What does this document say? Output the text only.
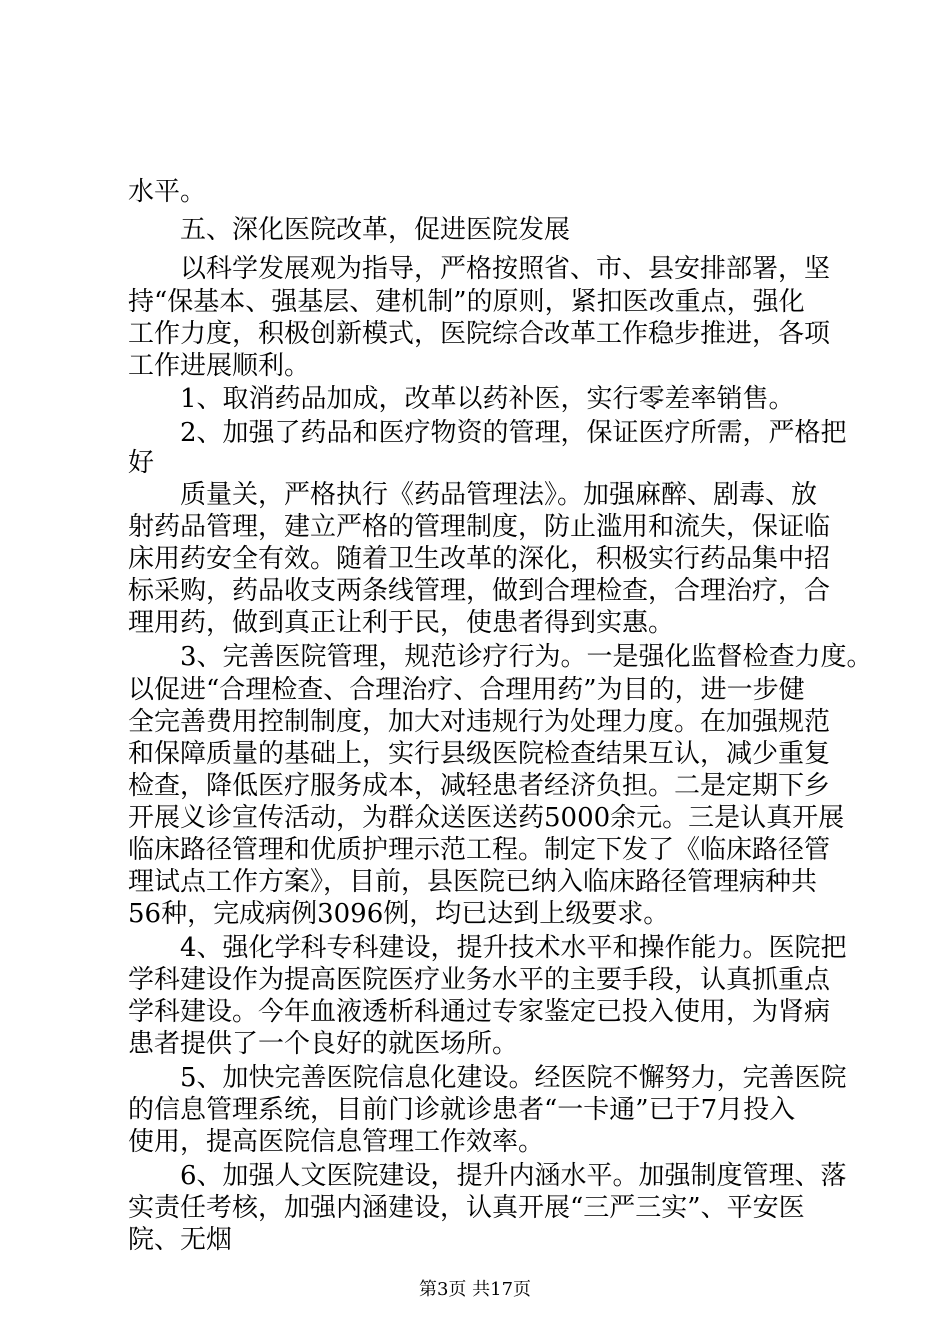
水平。
五、深化医院改革，促进医院发展
以科学发展观为指导，严格按照省、市、县安排部署，坚
持“保基本、强基层、建机制”的原则，紧扣医改重点，强化
工作力度，积极创新模式，医院综合改革工作稳步推进，各项
工作进展顺利。
1、取消药品加成，改革以药补医，实行零差率销售。
2、加强了药品和医疗物资的管理，保证医疗所需，严格把
好
质量关，严格执行《药品管理法》。加强麻醉、剧毒、放
射药品管理，建立严格的管理制度，防止滥用和流失，保证临
床用药安全有效。随着卫生改革的深化，积极实行药品集中招
标采购，药品收支两条线管理，做到合理检查，合理治疗，合
理用药，做到真正让利于民，使患者得到实惠。
3、完善医院管理，规范诊疗行为。一是强化监督检查力度。
以促进“合理检查、合理治疗、合理用药”为目的，进一步健
全完善费用控制制度，加大对违规行为处理力度。在加强规范
和保障质量的基础上，实行县级医院检查结果互认，减少重复
检查，降低医疗服务成本，减轻患者经济负担。二是定期下乡
开展义诊宣传活动，为群众送医送药5000余元。三是认真开展
临床路径管理和优质护理示范工程。制定下发了《临床路径管
理试点工作方案》，目前，县医院已纳入临床路径管理病种共
56种，完成病例3096例，均已达到上级要求。
4、强化学科专科建设，提升技术水平和操作能力。医院把
学科建设作为提高医院医疗业务水平的主要手段，认真抓重点
学科建设。今年血液透析科通过专家鉴定已投入使用，为肾病
患者提供了一个良好的就医场所。
5、加快完善医院信息化建设。经医院不懈努力，完善医院
的信息管理系统，目前门诊就诊患者“一卡通”已于7月投入
使用，提高医院信息管理工作效率。
6、加强人文医院建设，提升内涵水平。加强制度管理、落
实责任考核，加强内涵建设，认真开展“三严三实”、平安医
院、无烟
第3页 共17页
